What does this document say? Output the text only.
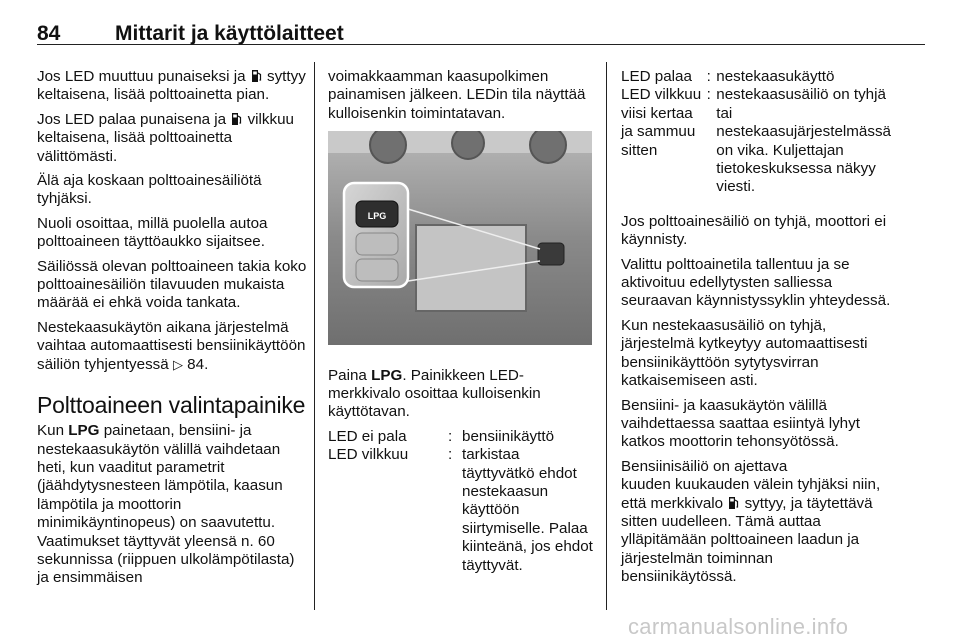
84	Mittarit ja käyttölaitteet

Jos LED muuttuu punaiseksi ja  syttyy keltaisena, lisää polttoainetta pian.

Jos LED palaa punaisena ja  vilkkuu keltaisena, lisää polttoainetta välittömästi.

Älä aja koskaan polttoainesäiliötä tyhjäksi.

Nuoli osoittaa, millä puolella autoa polttoaineen täyttöaukko sijaitsee.

Säiliössä olevan polttoaineen takia koko polttoainesäiliön tilavuuden mukaista määrää ei ehkä voida tankata.

Nestekaasukäytön aikana järjestelmä vaihtaa automaattisesti bensiinikäyttöön säiliön tyhjentyessä ▷ 84.

Polttoaineen valintapainike

Kun LPG painetaan, bensiini- ja nestekaasukäytön välillä vaihdetaan heti, kun vaaditut parametrit (jäähdytysnesteen lämpötila, kaasun lämpötila ja moottorin minimikäyntinopeus) on saavutettu. Vaatimukset täyttyvät yleensä n. 60 sekunnissa (riippuen ulkolämpötilasta) ja ensimmäisen

voimakkaamman kaasupolkimen painamisen jälkeen. LEDin tila näyttää kulloisenkin toimintatavan.

LPG

Paina LPG. Painikkeen LED-merkkivalo osoittaa kulloisenkin käyttötavan.

LED ei pala	:	bensiinikäyttö
LED vilkkuu	:	tarkistaa täyttyvätkö ehdot nestekaasun käyttöön siirtymiselle. Palaa kiinteänä, jos ehdot täyttyvät.
LED palaa	:	nestekaasukäyttö
LED vilkkuu viisi kertaa ja sammuu sitten	:	nestekaasusäiliö on tyhjä tai nestekaasujärjestelmässä on vika. Kuljettajan tietokeskuksessa näkyy viesti.

Jos polttoainesäiliö on tyhjä, moottori ei käynnisty.

Valittu polttoainetila tallentuu ja se aktivoituu edellytysten salliessa seuraavan käynnistyssyklin yhteydessä.

Kun nestekaasusäiliö on tyhjä, järjestelmä kytkeytyy automaattisesti bensiinikäyttöön sytytysvirran katkaisemiseen asti.

Bensiini- ja kaasukäytön välillä vaihdettaessa saattaa esiintyä lyhyt katkos moottorin tehonsyötössä.

Bensiinisäiliö on ajettava

kuuden kuukauden välein tyhjäksi niin, että merkkivalo  syttyy, ja täytettävä sitten uudelleen. Tämä auttaa ylläpitämään polttoaineen laadun ja järjestelmän toiminnan bensiinikäytössä.

carmanualsonline.info
